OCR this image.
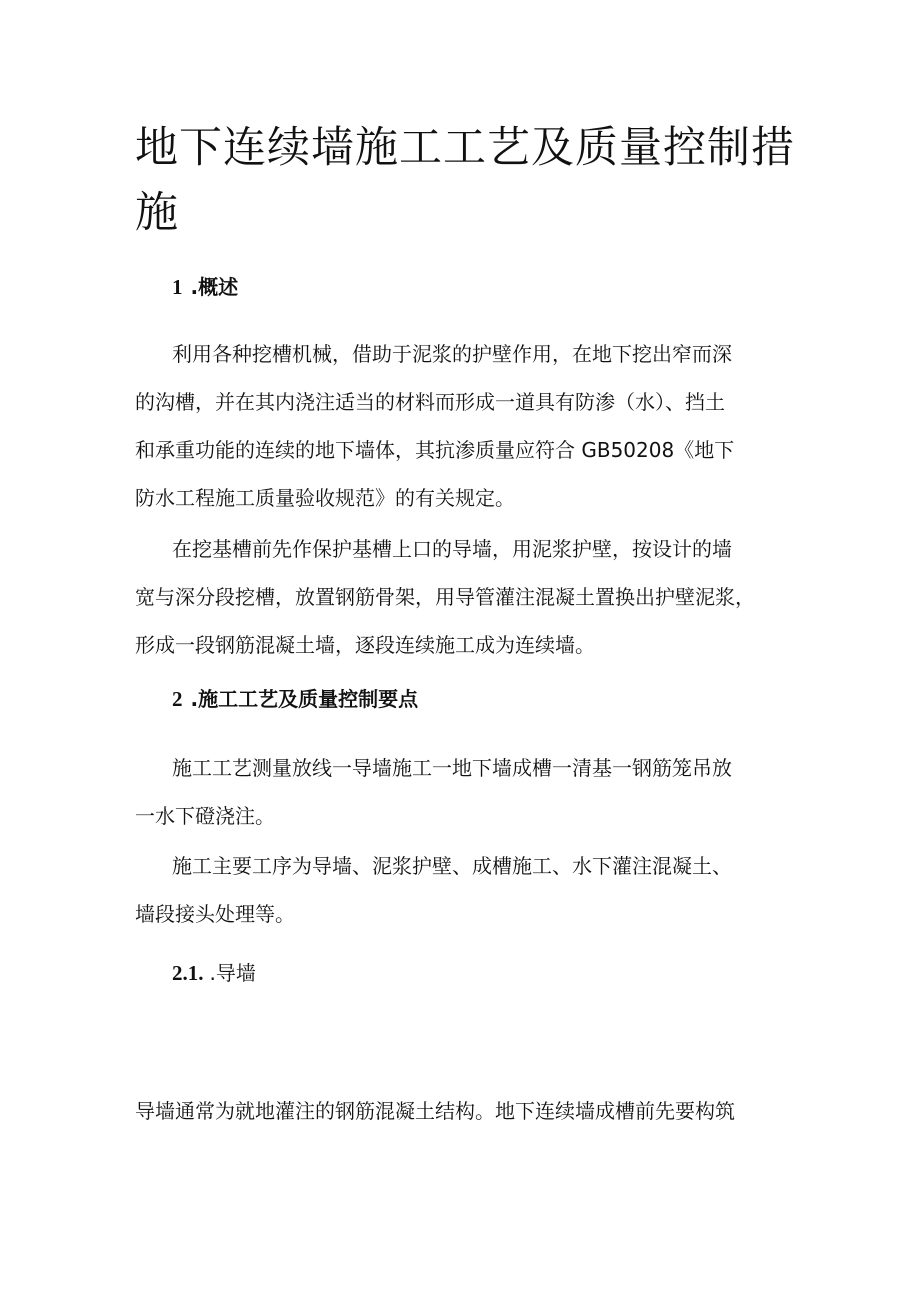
地下连续墙施工工艺及质量控制措
施
1 .概述
利用各种挖槽机械，借助于泥浆的护壁作用，在地下挖出窄而深
的沟槽，并在其内浇注适当的材料而形成一道具有防渗（水）、挡土
和承重功能的连续的地下墙体，其抗渗质量应符合 GB50208《地下
防水工程施工质量验收规范》的有关规定。
在挖基槽前先作保护基槽上口的导墙，用泥浆护壁，按设计的墙
宽与深分段挖槽，放置钢筋骨架，用导管灌注混凝土置换出护壁泥浆，
形成一段钢筋混凝土墙，逐段连续施工成为连续墙。
2 .施工工艺及质量控制要点
施工工艺测量放线一导墙施工一地下墙成槽一清基一钢筋笼吊放
一水下磴浇注。
施工主要工序为导墙、泥浆护壁、成槽施工、水下灌注混凝土、
墙段接头处理等。
2.1. .导墙
导墙通常为就地灌注的钢筋混凝土结构。地下连续墙成槽前先要构筑
